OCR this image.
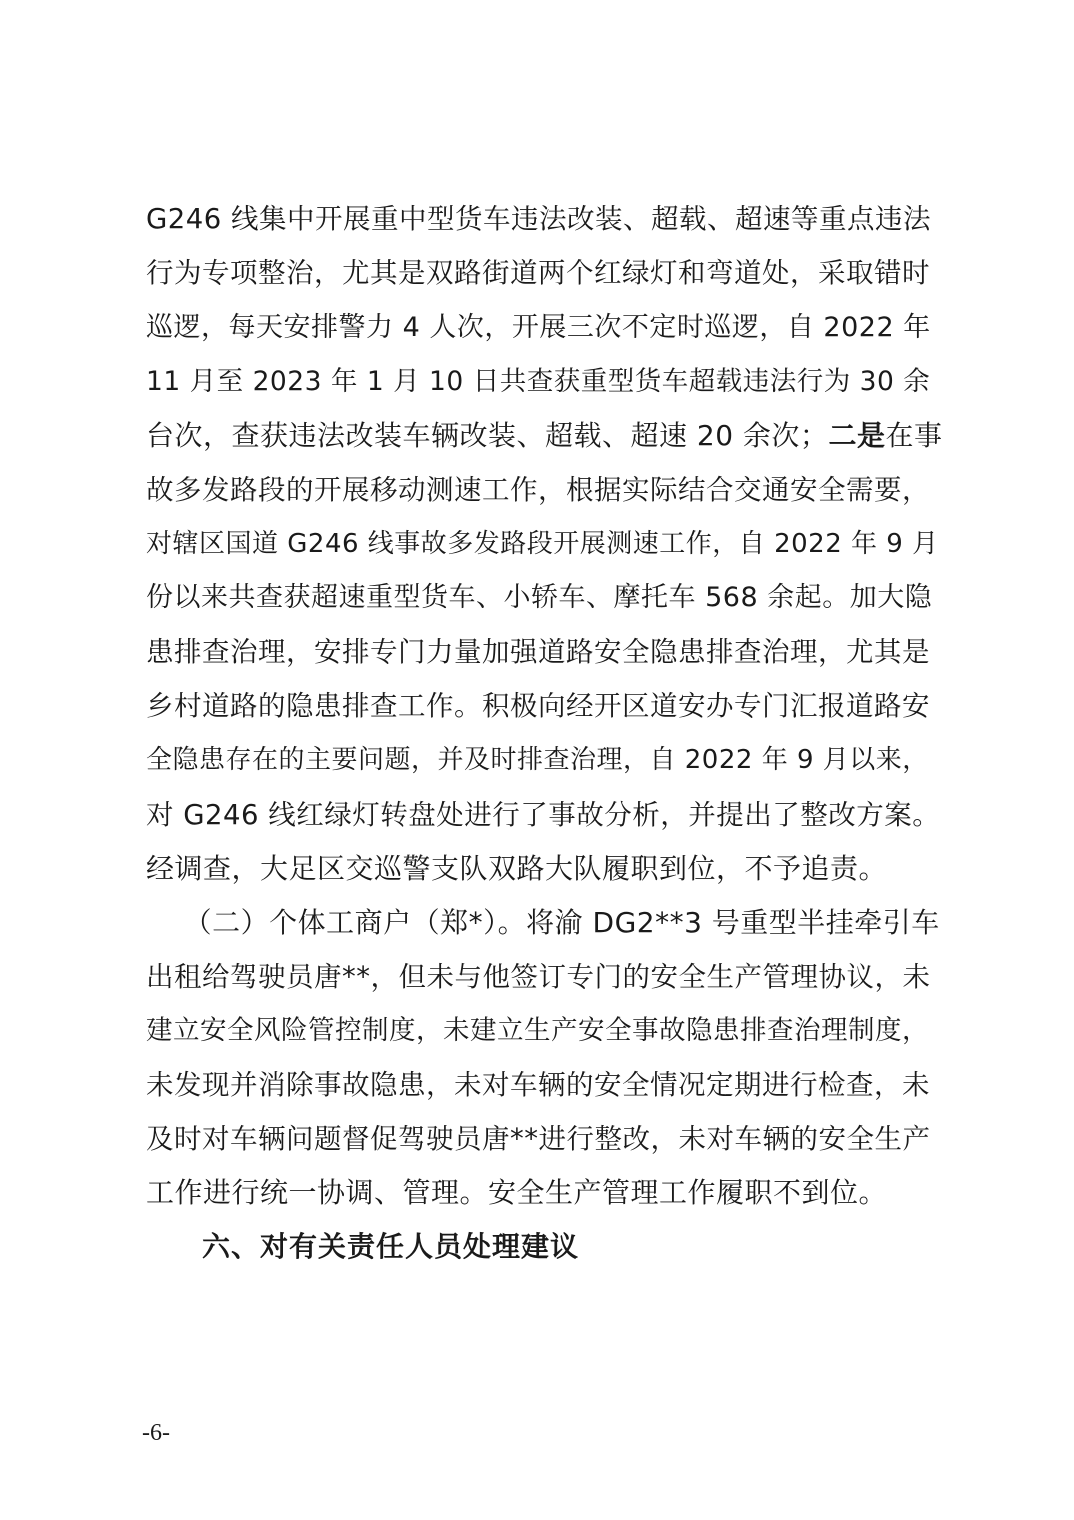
G246 线集中开展重中型货车违法改装、超载、超速等重点违法
行为专项整治，尤其是双路街道两个红绿灯和弯道处，采取错时
巡逻，每天安排警力 4 人次，开展三次不定时巡逻，自 2022 年
11 月至 2023 年 1 月 10 日共查获重型货车超载违法行为 30 余
台次，查获违法改装车辆改装、超载、超速 20 余次；二是在事
故多发路段的开展移动测速工作，根据实际结合交通安全需要，
对辖区国道 G246 线事故多发路段开展测速工作，自 2022 年 9 月
份以来共查获超速重型货车、小轿车、摩托车 568 余起。加大隐
患排查治理，安排专门力量加强道路安全隐患排查治理，尤其是
乡村道路的隐患排查工作。积极向经开区道安办专门汇报道路安
全隐患存在的主要问题，并及时排查治理，自 2022 年 9 月以来，
对 G246 线红绿灯转盘处进行了事故分析，并提出了整改方案。
经调查，大足区交巡警支队双路大队履职到位，不予追责。
（二）个体工商户（郑*）。将渝 DG2**3 号重型半挂牵引车
出租给驾驶员唐**，但未与他签订专门的安全生产管理协议，未
建立安全风险管控制度，未建立生产安全事故隐患排查治理制度，
未发现并消除事故隐患，未对车辆的安全情况定期进行检查，未
及时对车辆问题督促驾驶员唐**进行整改，未对车辆的安全生产
工作进行统一协调、管理。安全生产管理工作履职不到位。
六、对有关责任人员处理建议
-6-
